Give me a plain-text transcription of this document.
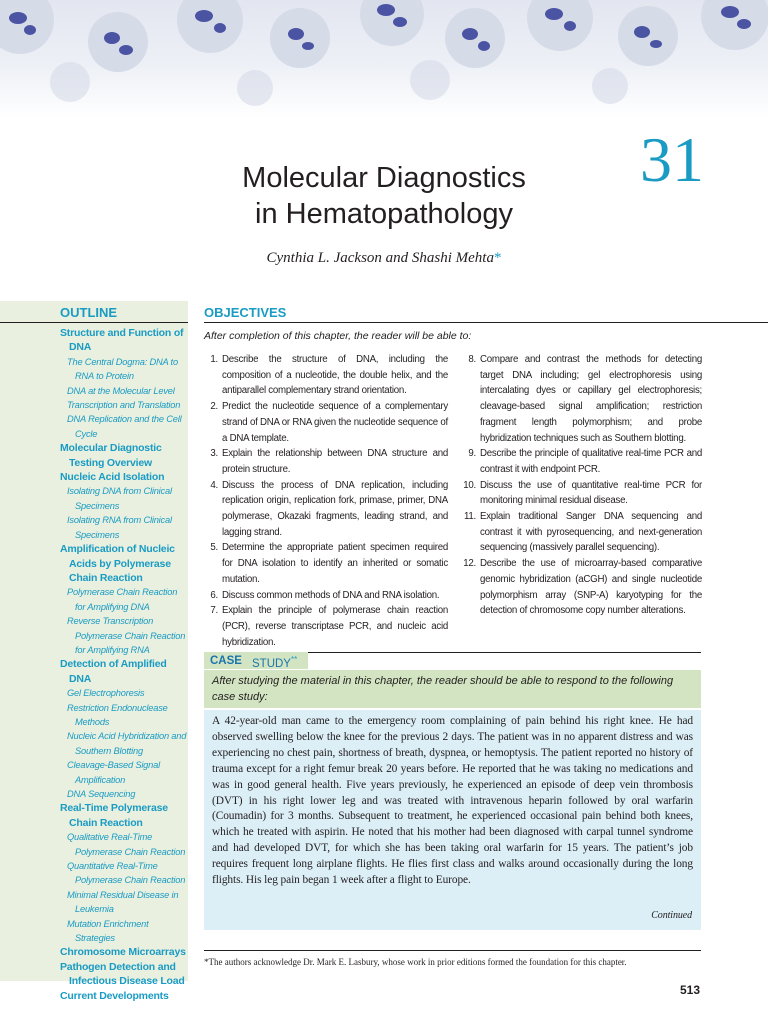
31
Molecular Diagnostics
in Hematopathology
Cynthia L. Jackson and Shashi Mehta*
OUTLINE
Structure and Function of DNA
The Central Dogma: DNA to RNA to Protein
DNA at the Molecular Level
Transcription and Translation
DNA Replication and the Cell Cycle
Molecular Diagnostic Testing Overview
Nucleic Acid Isolation
Isolating DNA from Clinical Specimens
Isolating RNA from Clinical Specimens
Amplification of Nucleic Acids by Polymerase Chain Reaction
Polymerase Chain Reaction for Amplifying DNA
Reverse Transcription Polymerase Chain Reaction for Amplifying RNA
Detection of Amplified DNA
Gel Electrophoresis
Restriction Endonuclease Methods
Nucleic Acid Hybridization and Southern Blotting
Cleavage-Based Signal Amplification
DNA Sequencing
Real-Time Polymerase Chain Reaction
Qualitative Real-Time Polymerase Chain Reaction
Quantitative Real-Time Polymerase Chain Reaction
Minimal Residual Disease in Leukemia
Mutation Enrichment Strategies
Chromosome Microarrays
Pathogen Detection and Infectious Disease Load
Current Developments
OBJECTIVES
After completion of this chapter, the reader will be able to:
1. Describe the structure of DNA, including the composition of a nucleotide, the double helix, and the antiparallel complementary strand orientation.
2. Predict the nucleotide sequence of a complementary strand of DNA or RNA given the nucleotide sequence of a DNA template.
3. Explain the relationship between DNA structure and protein structure.
4. Discuss the process of DNA replication, including replication origin, replication fork, primase, primer, DNA polymerase, Okazaki fragments, leading strand, and lagging strand.
5. Determine the appropriate patient specimen required for DNA isolation to identify an inherited or somatic mutation.
6. Discuss common methods of DNA and RNA isolation.
7. Explain the principle of polymerase chain reaction (PCR), reverse transcriptase PCR, and nucleic acid hybridization.
8. Compare and contrast the methods for detecting target DNA including; gel electrophoresis using intercalating dyes or capillary gel electrophoresis; cleavage-based signal amplification; restriction fragment length polymorphism; and probe hybridization techniques such as Southern blotting.
9. Describe the principle of qualitative real-time PCR and contrast it with endpoint PCR.
10. Discuss the use of quantitative real-time PCR for monitoring minimal residual disease.
11. Explain traditional Sanger DNA sequencing and contrast it with pyrosequencing, and next-generation sequencing (massively parallel sequencing).
12. Describe the use of microarray-based comparative genomic hybridization (aCGH) and single nucleotide polymorphism array (SNP-A) karyotyping for the detection of chromosome copy number alterations.
CASE STUDY**
After studying the material in this chapter, the reader should be able to respond to the following case study:
A 42-year-old man came to the emergency room complaining of pain behind his right knee. He had observed swelling below the knee for the previous 2 days. The patient was in no apparent distress and was experiencing no chest pain, shortness of breath, dyspnea, or hemoptysis. The patient reported no history of trauma except for a right femur break 20 years before. He reported that he was taking no medications and was in good general health. Five years previously, he experienced an episode of deep vein thrombosis (DVT) in his right lower leg and was treated with intravenous heparin followed by oral warfarin (Coumadin) for 3 months. Subsequent to treatment, he experienced occasional pain behind both knees, which he treated with aspirin. He noted that his mother had been diagnosed with carpal tunnel syndrome and had developed DVT, for which she has been taking oral warfarin for 15 years. The patient’s job requires frequent long airplane flights. He flies first class and walks around occasionally during the long flights. His leg pain began 1 week after a flight to Europe.
Continued
*The authors acknowledge Dr. Mark E. Lasbury, whose work in prior editions formed the foundation for this chapter.
513
